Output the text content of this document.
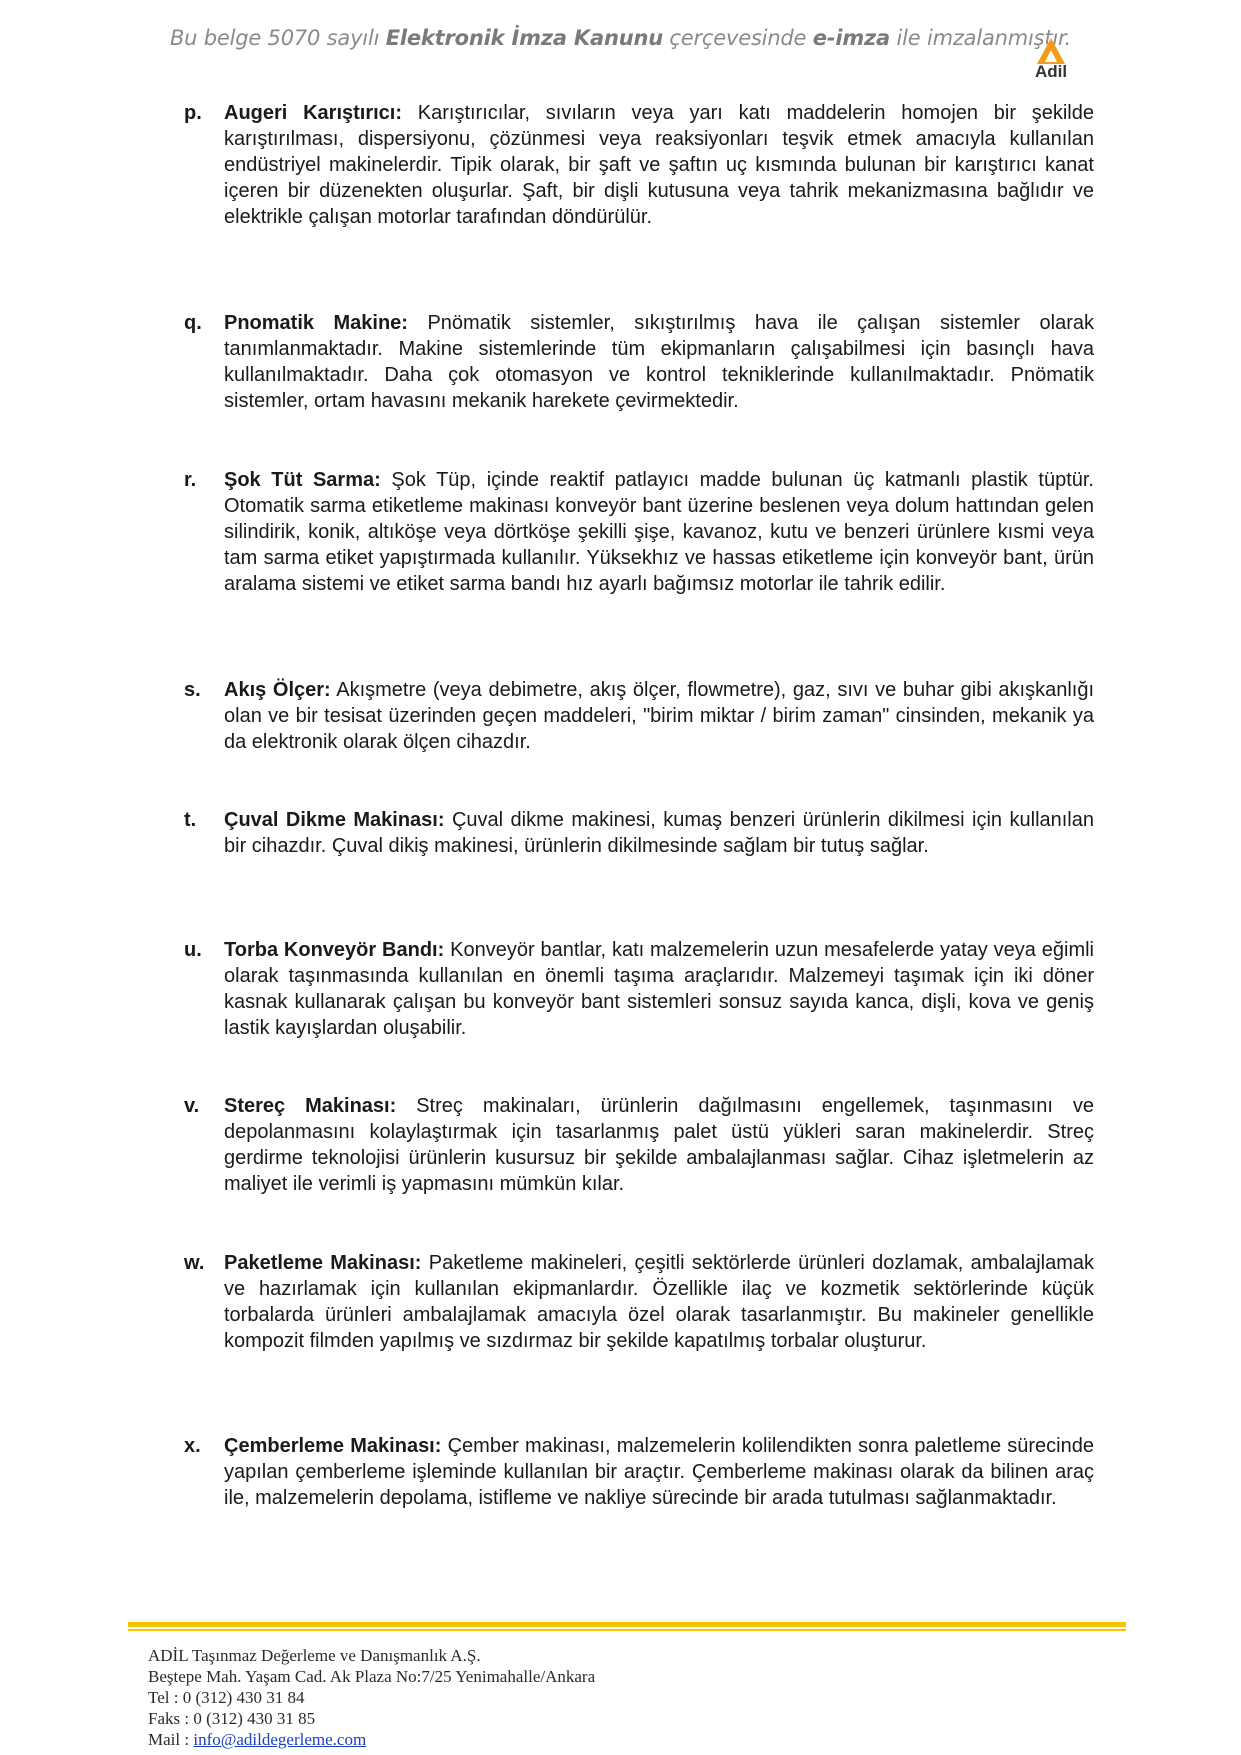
Bu belge 5070 sayılı Elektronik İmza Kanunu çerçevesinde e-imza ile imzalanmıştır.
Adil
p. Augeri Karıştırıcı: Karıştırıcılar, sıvıların veya yarı katı maddelerin homojen bir şekilde karıştırılması, dispersiyonu, çözünmesi veya reaksiyonları teşvik etmek amacıyla kullanılan endüstriyel makinelerdir. Tipik olarak, bir şaft ve şaftın uç kısmında bulunan bir karıştırıcı kanat içeren bir düzenekten oluşurlar. Şaft, bir dişli kutusuna veya tahrik mekanizmasına bağlıdır ve elektrikle çalışan motorlar tarafından döndürülür.
q. Pnomatik Makine: Pnömatik sistemler, sıkıştırılmış hava ile çalışan sistemler olarak tanımlanmaktadır. Makine sistemlerinde tüm ekipmanların çalışabilmesi için basınçlı hava kullanılmaktadır. Daha çok otomasyon ve kontrol tekniklerinde kullanılmaktadır. Pnömatik sistemler, ortam havasını mekanik harekete çevirmektedir.
r. Şok Tüt Sarma: Şok Tüp, içinde reaktif patlayıcı madde bulunan üç katmanlı plastik tüptür. Otomatik sarma etiketleme makinası konveyör bant üzerine beslenen veya dolum hattından gelen silindirik, konik, altıköşe veya dörtköşe şekilli şişe, kavanoz, kutu ve benzeri ürünlere kısmi veya tam sarma etiket yapıştırmada kullanılır. Yüksekhız ve hassas etiketleme için konveyör bant, ürün aralama sistemi ve etiket sarma bandı hız ayarlı bağımsız motorlar ile tahrik edilir.
s. Akış Ölçer: Akışmetre (veya debimetre, akış ölçer, flowmetre), gaz, sıvı ve buhar gibi akışkanlığı olan ve bir tesisat üzerinden geçen maddeleri, "birim miktar / birim zaman" cinsinden, mekanik ya da elektronik olarak ölçen cihazdır.
t. Çuval Dikme Makinası: Çuval dikme makinesi, kumaş benzeri ürünlerin dikilmesi için kullanılan bir cihazdır. Çuval dikiş makinesi, ürünlerin dikilmesinde sağlam bir tutuş sağlar.
u. Torba Konveyör Bandı: Konveyör bantlar, katı malzemelerin uzun mesafelerde yatay veya eğimli olarak taşınmasında kullanılan en önemli taşıma araçlarıdır. Malzemeyi taşımak için iki döner kasnak kullanarak çalışan bu konveyör bant sistemleri sonsuz sayıda kanca, dişli, kova ve geniş lastik kayışlardan oluşabilir.
v. Stereç Makinası: Streç makinaları, ürünlerin dağılmasını engellemek, taşınmasını ve depolanmasını kolaylaştırmak için tasarlanmış palet üstü yükleri saran makinelerdir. Streç gerdirme teknolojisi ürünlerin kusursuz bir şekilde ambalajlanması sağlar. Cihaz işletmelerin az maliyet ile verimli iş yapmasını mümkün kılar.
w. Paketleme Makinası: Paketleme makineleri, çeşitli sektörlerde ürünleri dozlamak, ambalajlamak ve hazırlamak için kullanılan ekipmanlardır. Özellikle ilaç ve kozmetik sektörlerinde küçük torbalarda ürünleri ambalajlamak amacıyla özel olarak tasarlanmıştır. Bu makineler genellikle kompozit filmden yapılmış ve sızdırmaz bir şekilde kapatılmış torbalar oluşturur.
x. Çemberleme Makinası: Çember makinası, malzemelerin kolilendikten sonra paletleme sürecinde yapılan çemberleme işleminde kullanılan bir araçtır. Çemberleme makinası olarak da bilinen araç ile, malzemelerin depolama, istifleme ve nakliye sürecinde bir arada tutulması sağlanmaktadır.
ADİL Taşınmaz Değerleme ve Danışmanlık A.Ş.
Beştepe Mah. Yaşam Cad. Ak Plaza No:7/25 Yenimahalle/Ankara
Tel : 0 (312) 430 31 84
Faks : 0 (312) 430 31 85
Mail : info@adildegerleme.com
